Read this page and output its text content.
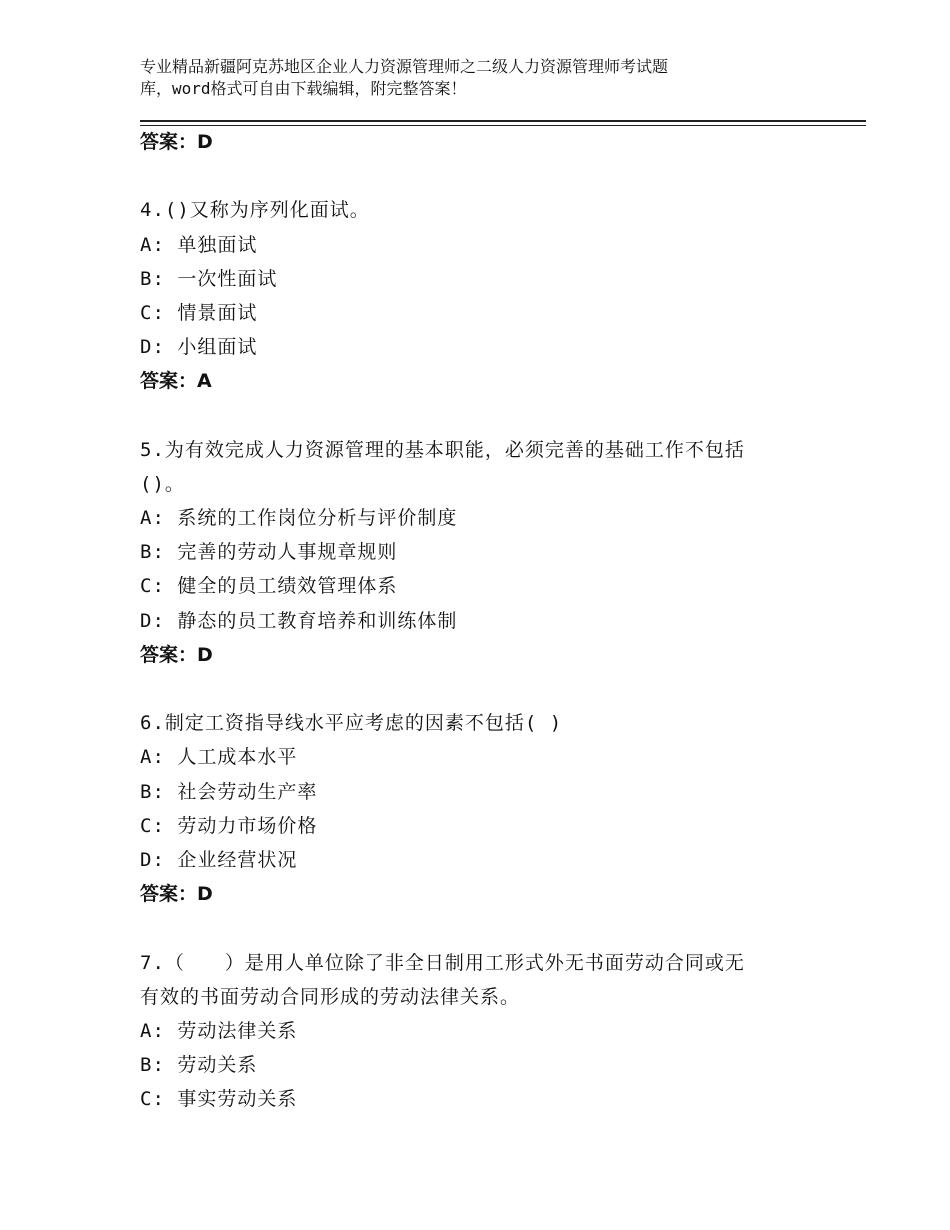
专业精品新疆阿克苏地区企业人力资源管理师之二级人力资源管理师考试题
库，word格式可自由下载编辑，附完整答案！
答案：D
4.()又称为序列化面试。
A: 单独面试
B: 一次性面试
C: 情景面试
D: 小组面试
答案：A
5.为有效完成人力资源管理的基本职能，必须完善的基础工作不包括
()。
A: 系统的工作岗位分析与评价制度
B: 完善的劳动人事规章规则
C: 健全的员工绩效管理体系
D: 静态的员工教育培养和训练体制
答案：D
6.制定工资指导线水平应考虑的因素不包括( )
A: 人工成本水平
B: 社会劳动生产率
C: 劳动力市场价格
D: 企业经营状况
答案：D
7.（　　）是用人单位除了非全日制用工形式外无书面劳动合同或无
有效的书面劳动合同形成的劳动法律关系。
A: 劳动法律关系
B: 劳动关系
C: 事实劳动关系
